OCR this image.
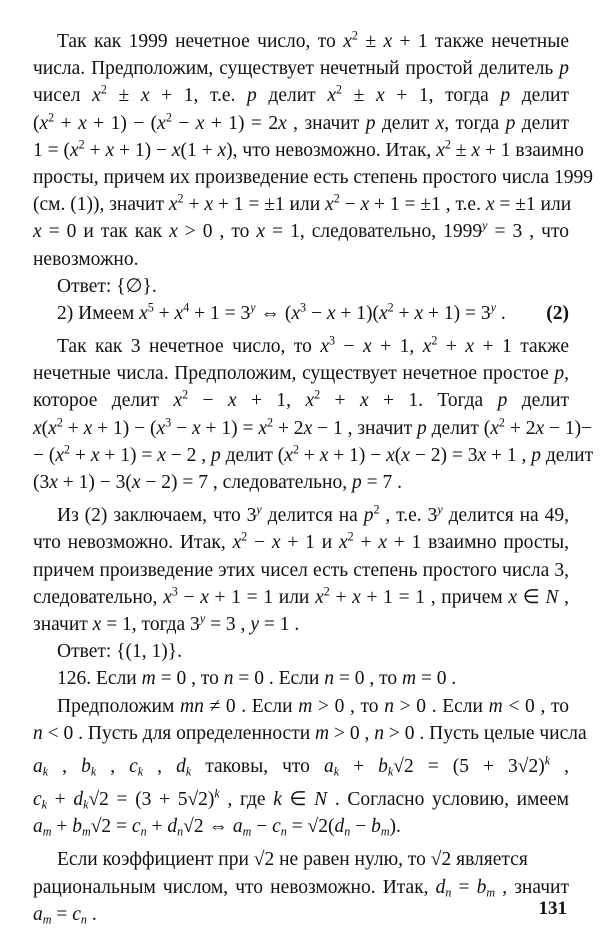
Так как 1999 нечетное число, то $x^2 \pm x + 1$ также нечетные
числа. Предположим, существует нечетный простой делитель p
чисел $x^2 \pm x + 1$, т.е. p делит $x^2 \pm x + 1$, тогда p делит
$(x^2 + x + 1) - (x^2 - x + 1) = 2x$ , значит p делит x, тогда p делит
$1 = (x^2 + x + 1) - x(1 + x)$, что невозможно. Итак, $x^2 \pm x + 1$ взаимно
просты, причем их произведение есть степень простого числа 1999
(см. (1)), значит $x^2 + x + 1 = \pm 1$ или $x^2 - x + 1 = \pm 1$ , т.е. x = ±1 или
x = 0 и так как x > 0 , то x = 1, следовательно, $1999^y = 3$ , что
невозможно.
Ответ: {∅}.
2) Имеем $x^5 + x^4 + 1 = 3^y$ ⇔ $(x^3 - x + 1)(x^2 + x + 1) = 3^y$ . (2)
Так как 3 нечетное число, то $x^3 - x + 1$, $x^2 + x + 1$ также
нечетные числа. Предположим, существует нечетное простое p,
которое делит $x^2 - x + 1$, $x^2 + x + 1$. Тогда p делит
$x(x^2 + x + 1) - (x^3 - x + 1) = x^2 + 2x - 1$ , значит p делит $(x^2 + 2x - 1)-$
− $(x^2 + x + 1) = x - 2$ , p делит $(x^2 + x + 1) - x(x - 2) = 3x + 1$ , p делит
(3x + 1) − 3(x − 2) = 7 , следовательно, p = 7 .
Из (2) заключаем, что 3$^y$ делится на $p^2$ , т.е. 3$^y$ делится на 49,
что невозможно. Итак, $x^2 - x + 1$ и $x^2 + x + 1$ взаимно просты,
причем произведение этих чисел есть степень простого числа 3,
следовательно, $x^3 - x + 1 = 1$ или $x^2 + x + 1 = 1$ , причем x ∈ N ,
значит x = 1, тогда $3^y = 3$ , y = 1 .
Ответ: {(1, 1)}.
126. Если m = 0 , то n = 0 . Если n = 0 , то m = 0 .
Предположим mn ≠ 0 . Если m > 0 , то n > 0 . Если m < 0 , то
n < 0 . Пусть для определенности m > 0 , n > 0 . Пусть целые числа
$a_k$ , $b_k$ , $c_k$ , $d_k$ таковы, что $a_k + b_k√2 = (5 + 3√2)^k$ ,
$c_k + d_k√2 = (3 + 5√2)^k$ , где k ∈ N . Согласно условию, имеем
$a_m + b_m√2 = c_n + d_n√2$ ⇔ $a_m - c_n = √2(d_n - b_m)$.
Если коэффициент при √2 не равен нулю, то √2 является
рациональным числом, что невозможно. Итак, $d_n = b_m$ , значит
$a_m = c_n$ .	131
